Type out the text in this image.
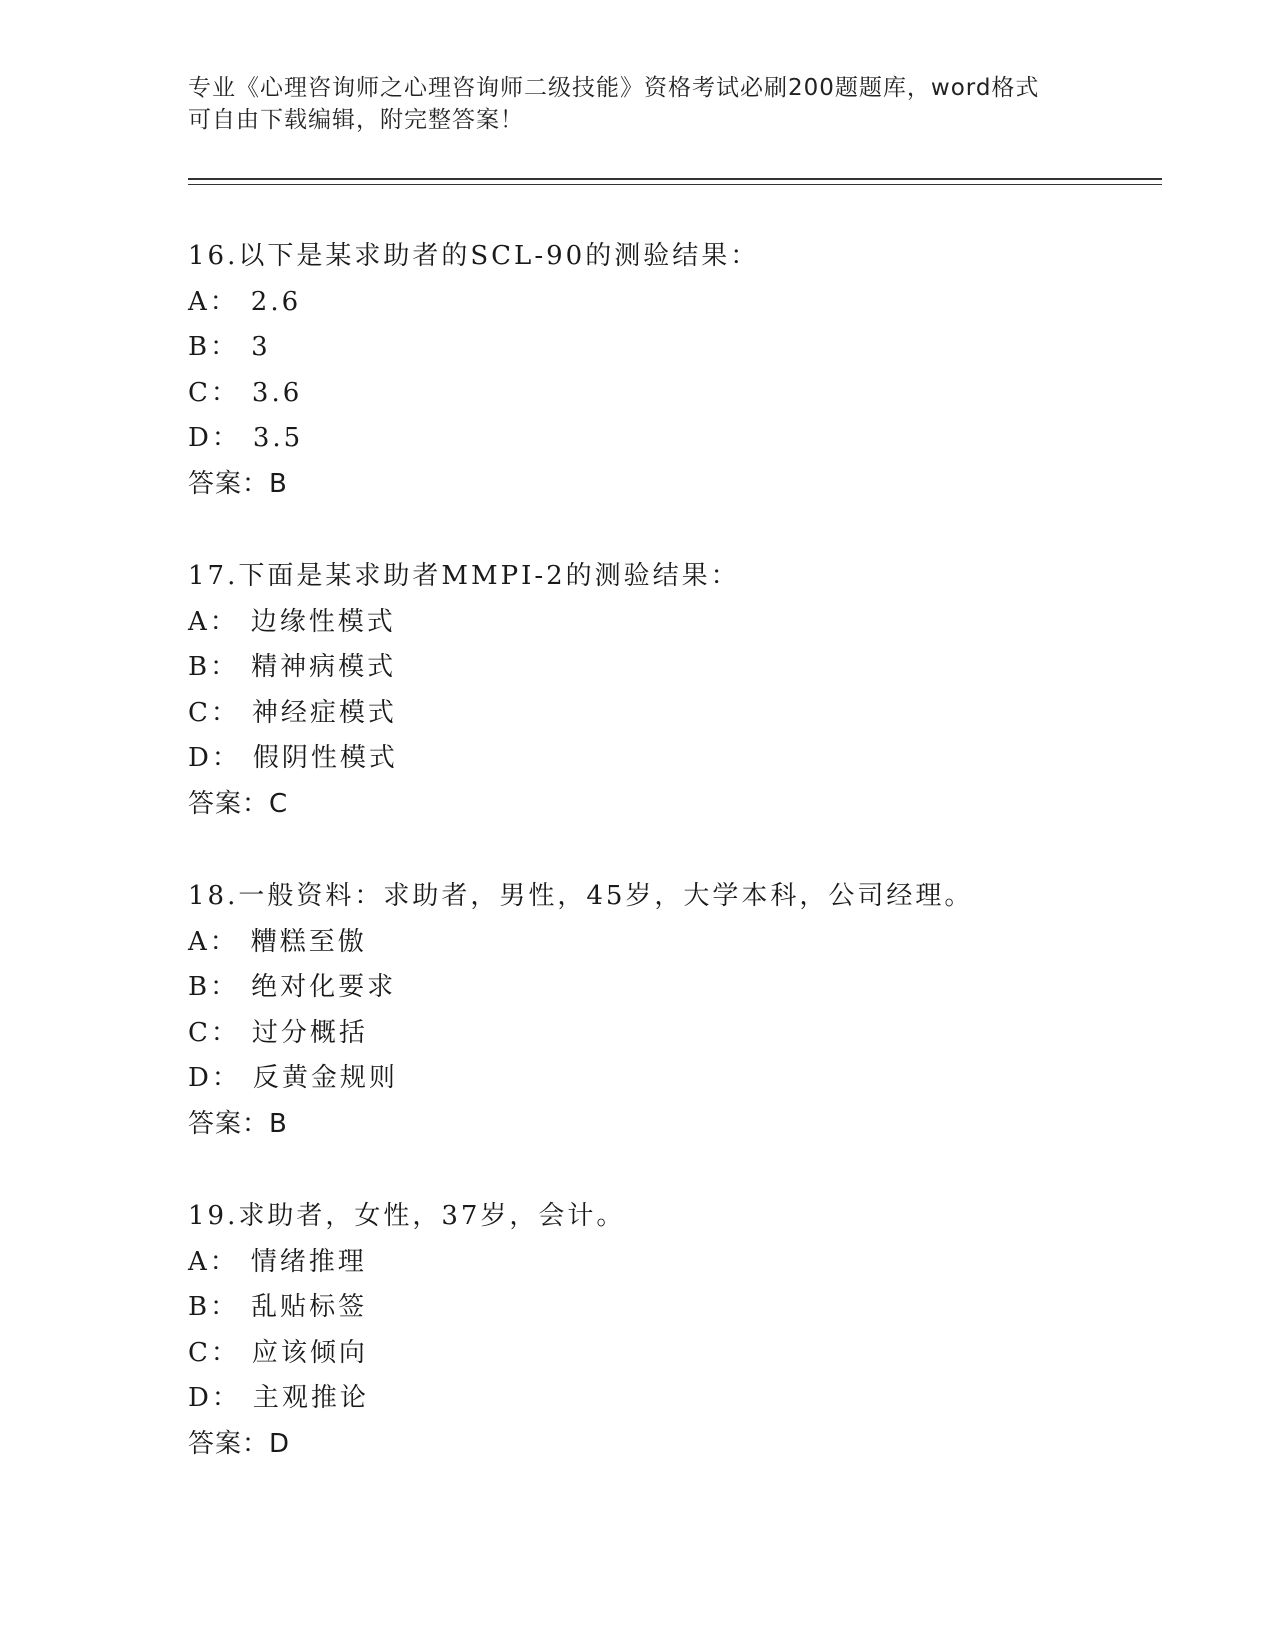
专业《心理咨询师之心理咨询师二级技能》资格考试必刷200题题库，word格式
可自由下载编辑，附完整答案！
16.以下是某求助者的SCL-90的测验结果：
A： 2.6
B： 3
C： 3.6
D： 3.5
答案：B
17.下面是某求助者MMPI-2的测验结果：
A： 边缘性模式
B： 精神病模式
C： 神经症模式
D： 假阴性模式
答案：C
18.一般资料：求助者，男性，45岁，大学本科，公司经理。
A： 糟糕至傲
B： 绝对化要求
C： 过分概括
D： 反黄金规则
答案：B
19.求助者，女性，37岁，会计。
A： 情绪推理
B： 乱贴标签
C： 应该倾向
D： 主观推论
答案：D
